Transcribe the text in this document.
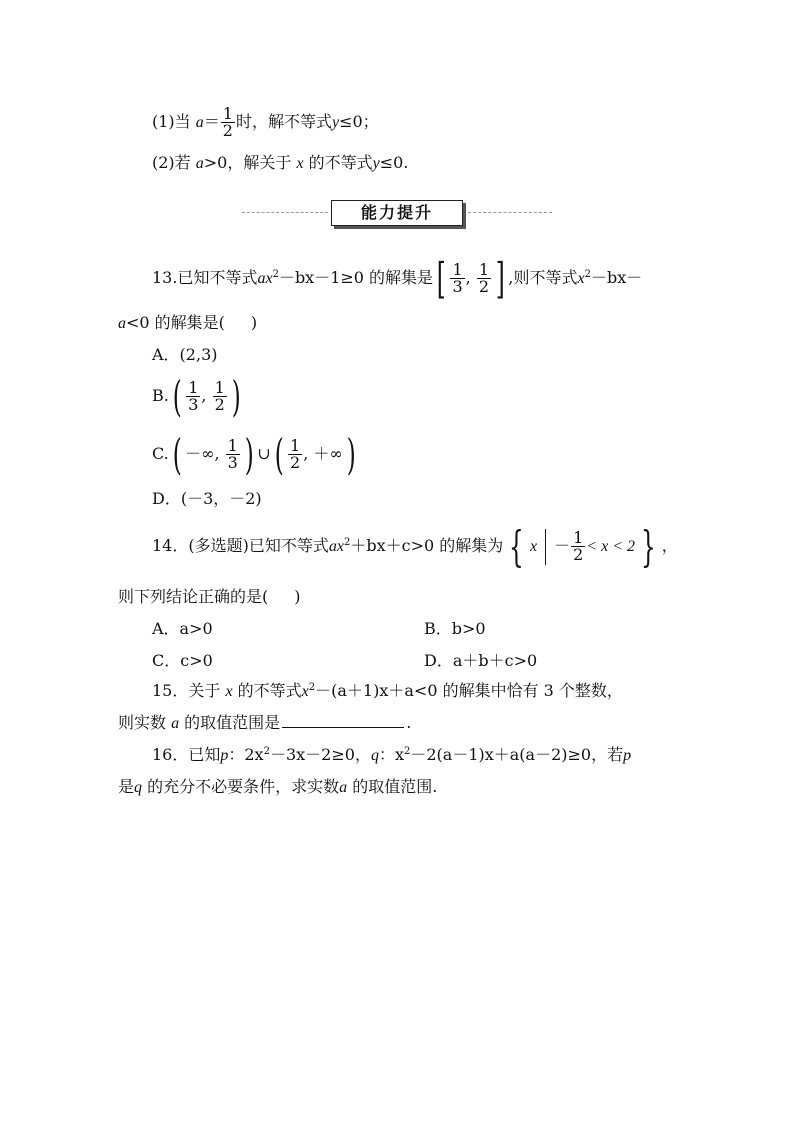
(1)当 $a= \frac{1}{2}$ 时，解不等式y≤0；
(2)若 a>0，解关于 x 的不等式y≤0.
能力提升
13.已知不等式$ax^2-bx-1\ge 0$ 的解集是[ $\frac{1}{3}$ , $\frac{1}{2}$ ] ,则不等式$x^2-bx-$
a<0 的解集是( )
A．(2,3)
$B.( \frac{1}{3}$ , $\frac{1}{2}$ )
C.( －∞, $\frac{1}{3}$ ) ∪( $\frac{1}{2}$ , ＋∞)
D．(－3，－2)
14．(多选题)已知不等式$ax^2+bx+c>0$ 的解集为 { $x - \frac{1}{2} < x < 2$ } ，
则下列结论正确的是( )
A．a>0	B．b>0
C．c>0	D．a＋b＋c>0
15．关于 x 的不等式$x^2-(a+1)x+a<0$ 的解集中恰有 3 个整数，
则实数 a 的取值范围是	.
16．已知p：$2x^2-3x-2\ge 0$，q：$x^2-2(a-1)x+a(a-2)\ge 0$，若p
是q 的充分不必要条件，求实数a 的取值范围.
